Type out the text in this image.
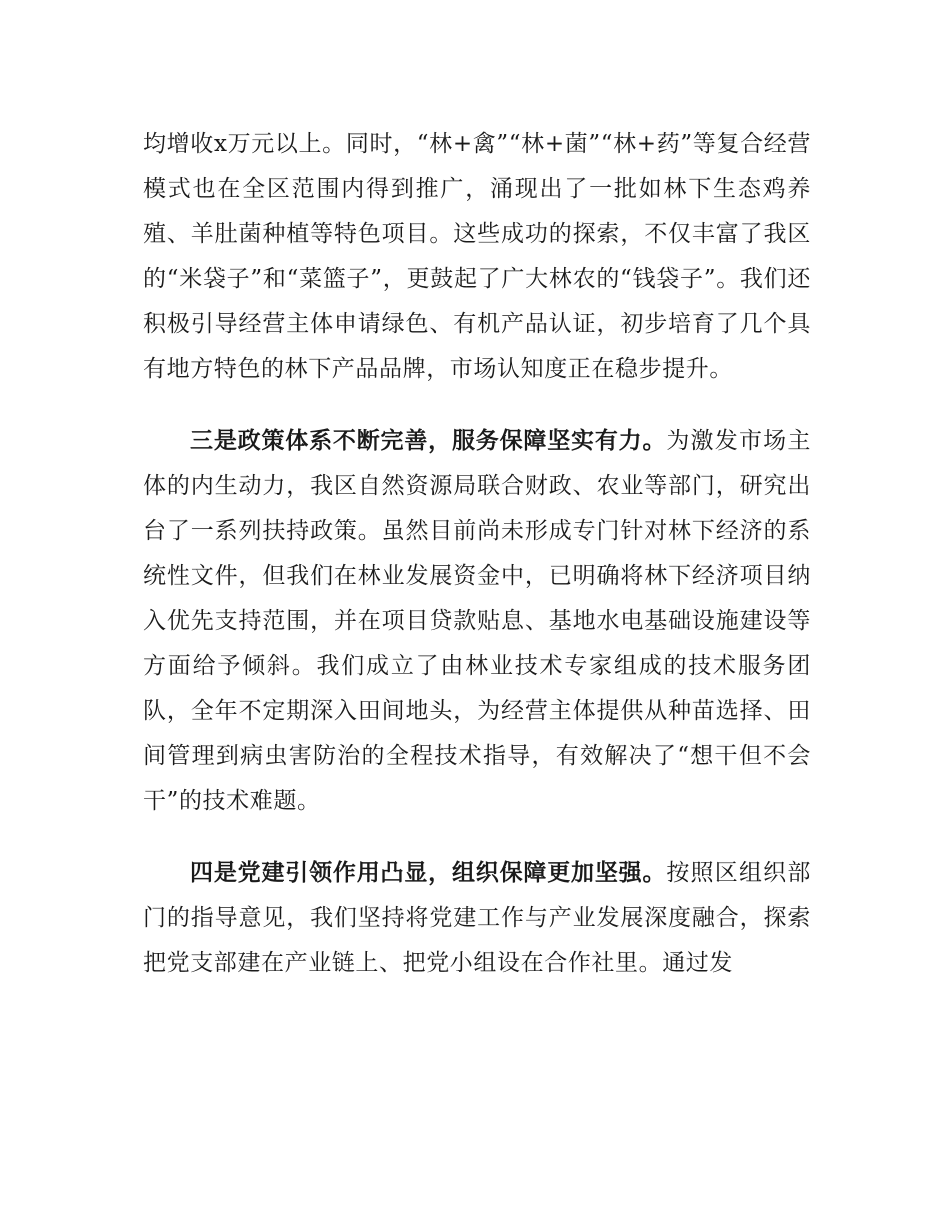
均增收x万元以上。同时，“林+禽”“林+菌”“林+药”等复合经营模式也在全区范围内得到推广，涌现出了一批如林下生态鸡养殖、羊肚菌种植等特色项目。这些成功的探索，不仅丰富了我区的“米袋子”和“菜篮子”，更鼓起了广大林农的“钱袋子”。我们还积极引导经营主体申请绿色、有机产品认证，初步培育了几个具有地方特色的林下产品品牌，市场认知度正在稳步提升。

三是政策体系不断完善，服务保障坚实有力。为激发市场主体的内生动力，我区自然资源局联合财政、农业等部门，研究出台了一系列扶持政策。虽然目前尚未形成专门针对林下经济的系统性文件，但我们在林业发展资金中，已明确将林下经济项目纳入优先支持范围，并在项目贷款贴息、基地水电基础设施建设等方面给予倾斜。我们成立了由林业技术专家组成的技术服务团队，全年不定期深入田间地头，为经营主体提供从种苗选择、田间管理到病虫害防治的全程技术指导，有效解决了“想干但不会干”的技术难题。

四是党建引领作用凸显，组织保障更加坚强。按照区组织部门的指导意见，我们坚持将党建工作与产业发展深度融合，探索把党支部建在产业链上、把党小组设在合作社里。通过发
